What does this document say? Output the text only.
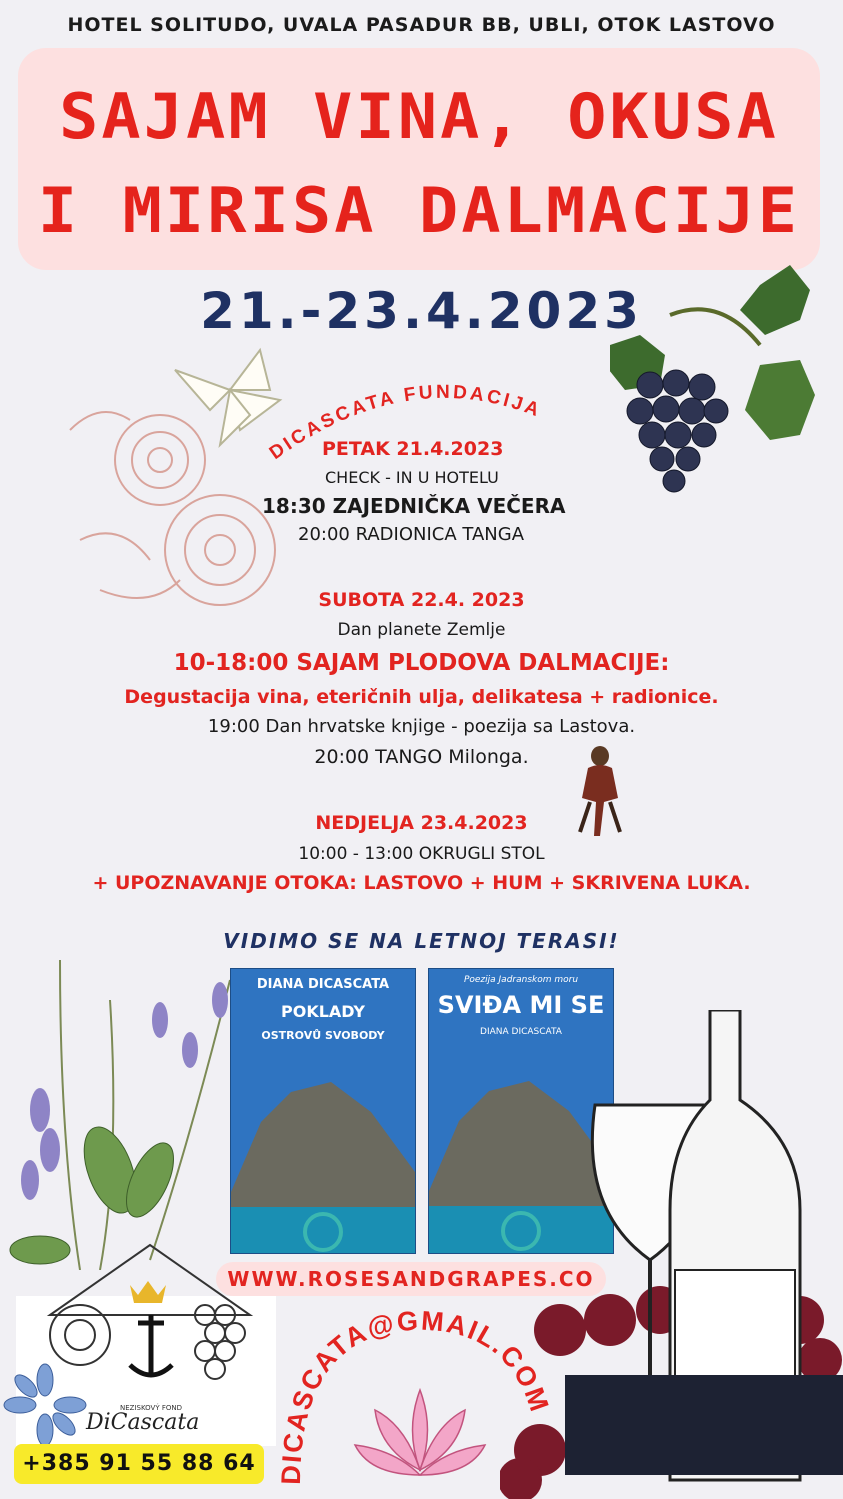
HOTEL SOLITUDO, UVALA PASADUR BB, UBLI, OTOK LASTOVO
SAJAM VINA, OKUSA
I MIRISA DALMACIJE
21.-23.4.2023
DICASCATA FUNDACIJA
PETAK 21.4.2023
CHECK - IN U HOTELU
18:30 ZAJEDNIČKA VEČERA
20:00 RADIONICA TANGA
SUBOTA 22.4. 2023
Dan planete Zemlje
10-18:00 SAJAM PLODOVA DALMACIJE:
Degustacija vina, eteričnih ulja, delikatesa + radionice.
19:00 Dan hrvatske knjige - poezija sa Lastova.
20:00 TANGO Milonga.
NEDJELJA 23.4.2023
10:00 - 13:00 OKRUGLI STOL
+ UPOZNAVANJE OTOKA: LASTOVO + HUM + SKRIVENA LUKA.
VIDIMO SE NA LETNOJ TERASI!
DIANA DICASCATA
POKLADY
OSTROVŮ SVOBODY
Poezija Jadranskom moru
SVIĐA MI SE
DIANA DICASCATA
WWW.ROSESANDGRAPES.CO
NEZISKOVÝ FOND
DiCascata
+385 91 55 88 64 DICASCATA@GMAIL.COM
